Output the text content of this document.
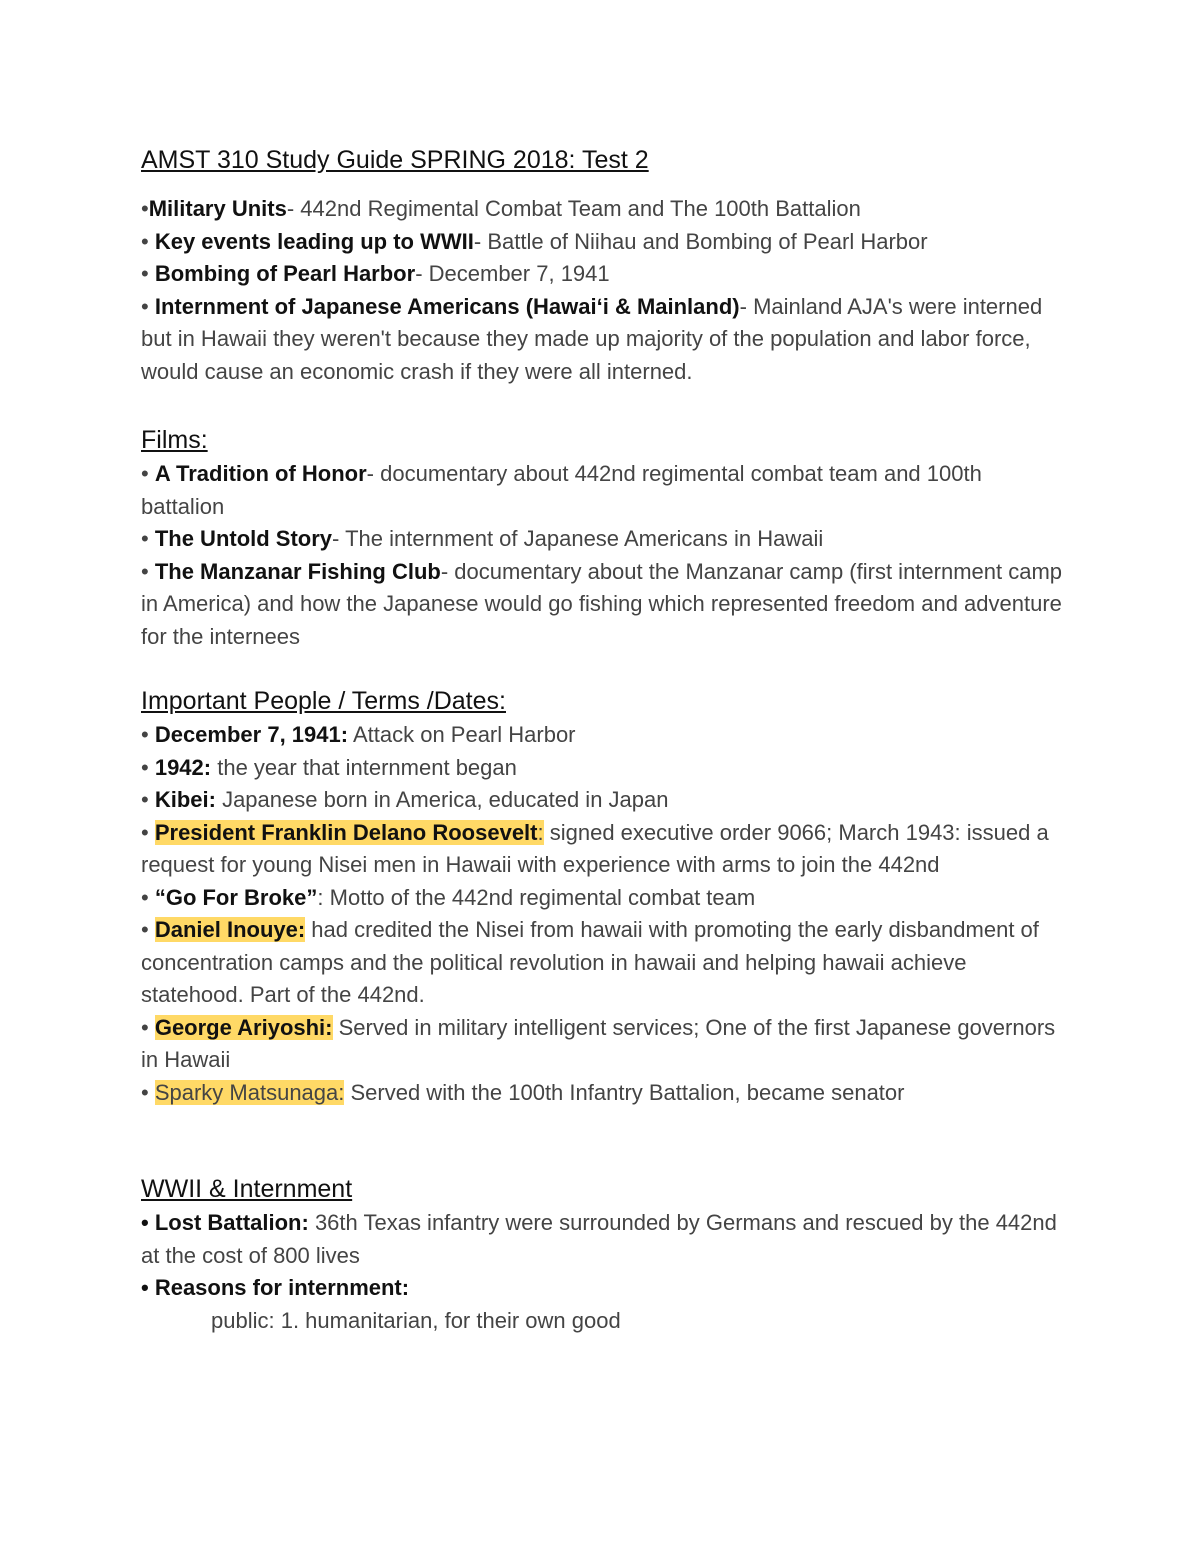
AMST 310 Study Guide SPRING 2018: Test 2
•Military Units- 442nd Regimental Combat Team and The 100th Battalion
• Key events leading up to WWII- Battle of Niihau and Bombing of Pearl Harbor
• Bombing of Pearl Harbor- December 7, 1941
• Internment of Japanese Americans (Hawaiʻi & Mainland)- Mainland AJA's were interned but in Hawaii they weren't because they made up majority of the population and labor force, would cause an economic crash if they were all interned.
Films:
• A Tradition of Honor- documentary about 442nd regimental combat team and 100th battalion
• The Untold Story- The internment of Japanese Americans in Hawaii
• The Manzanar Fishing Club- documentary about the Manzanar camp (first internment camp in America) and how the Japanese would go fishing which represented freedom and adventure for the internees
Important People / Terms /Dates:
• December 7, 1941: Attack on Pearl Harbor
• 1942: the year that internment began
• Kibei: Japanese born in America, educated in Japan
• President Franklin Delano Roosevelt: signed executive order 9066; March 1943: issued a request for young Nisei men in Hawaii with experience with arms to join the 442nd
• “Go For Broke”: Motto of the 442nd regimental combat team
• Daniel Inouye: had credited the Nisei from hawaii with promoting the early disbandment of concentration camps and the political revolution in hawaii and helping hawaii achieve statehood. Part of the 442nd.
• George Ariyoshi: Served in military intelligent services; One of the first Japanese governors in Hawaii
• Sparky Matsunaga: Served with the 100th Infantry Battalion, became senator
WWII & Internment
• Lost Battalion: 36th Texas infantry were surrounded by Germans and rescued by the 442nd at the cost of 800 lives
• Reasons for internment:
public: 1. humanitarian, for their own good
